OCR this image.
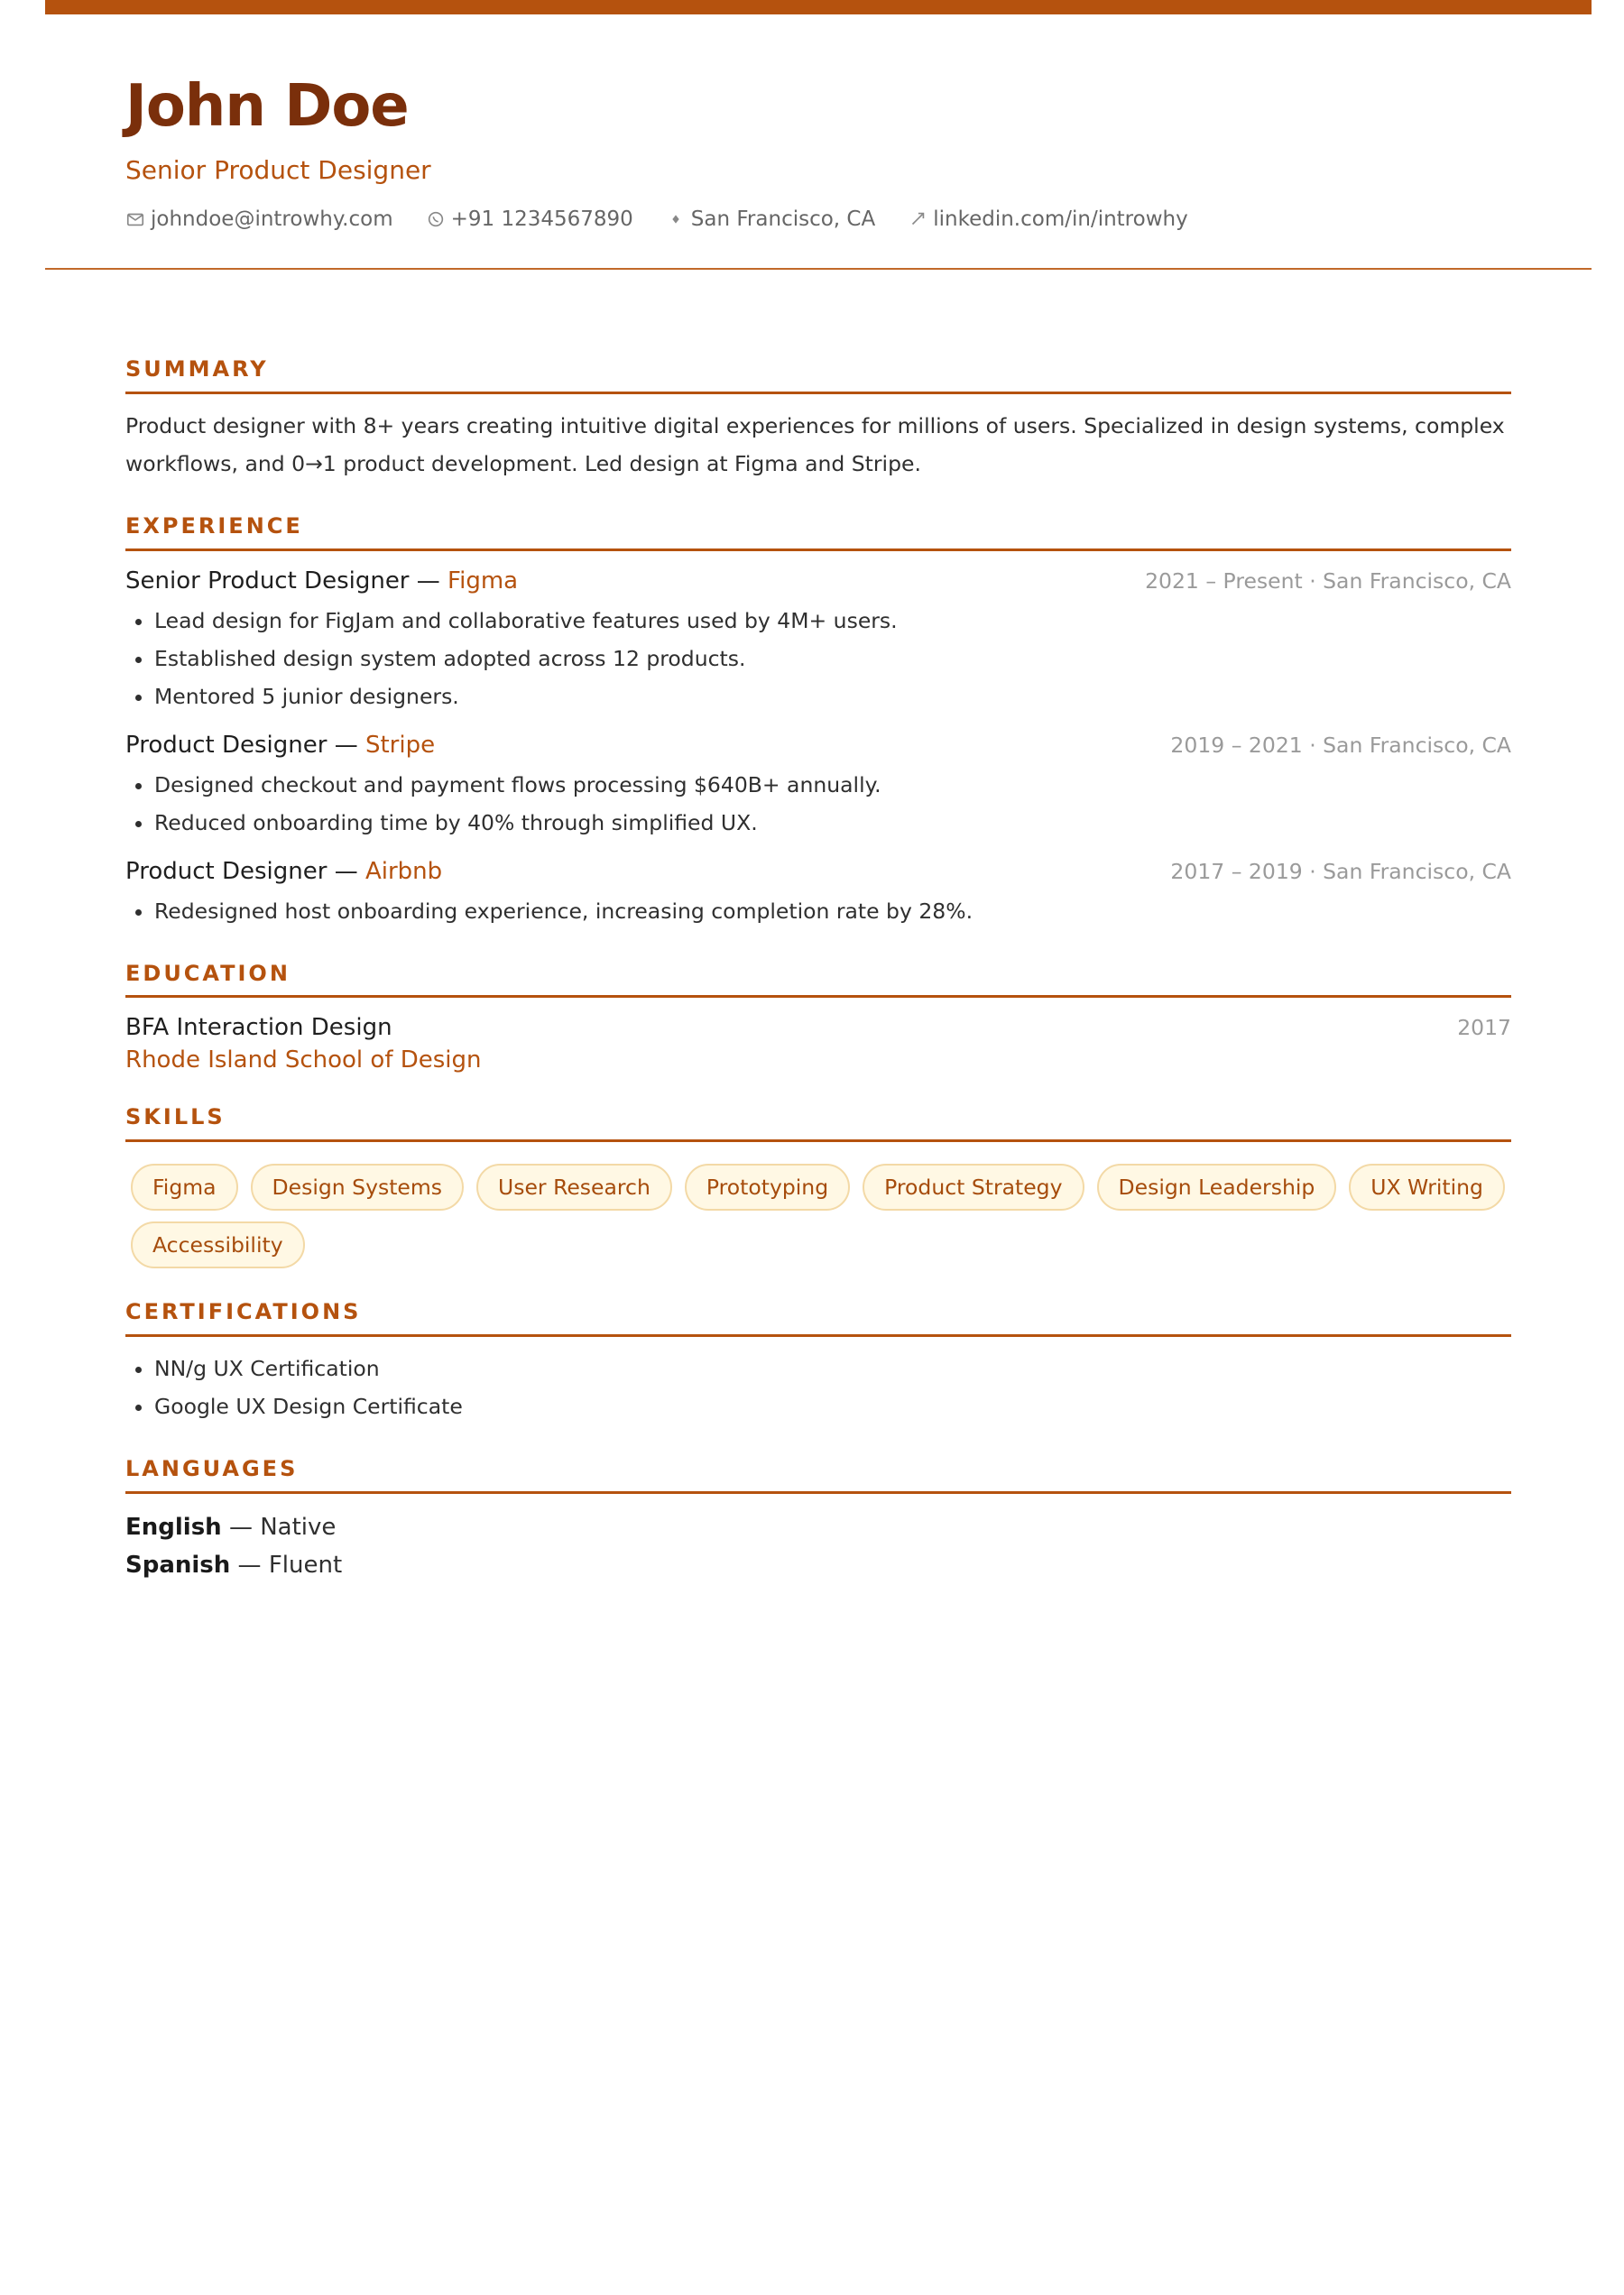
John Doe
Senior Product Designer
johndoe@introwhy.com	+91 1234567890	San Francisco, CA	linkedin.com/in/introwhy
SUMMARY
Product designer with 8+ years creating intuitive digital experiences for millions of users. Specialized in design systems, complex workflows, and 0→1 product development. Led design at Figma and Stripe.
EXPERIENCE
Senior Product Designer — Figma	2021 – Present · San Francisco, CA
• Lead design for FigJam and collaborative features used by 4M+ users.
• Established design system adopted across 12 products.
• Mentored 5 junior designers.
Product Designer — Stripe	2019 – 2021 · San Francisco, CA
• Designed checkout and payment flows processing $640B+ annually.
• Reduced onboarding time by 40% through simplified UX.
Product Designer — Airbnb	2017 – 2019 · San Francisco, CA
• Redesigned host onboarding experience, increasing completion rate by 28%.
EDUCATION
BFA Interaction Design	2017
Rhode Island School of Design
SKILLS
Figma	Design Systems	User Research	Prototyping	Product Strategy	Design Leadership	UX Writing
Accessibility
CERTIFICATIONS
• NN/g UX Certification
• Google UX Design Certificate
LANGUAGES
English — Native
Spanish — Fluent
